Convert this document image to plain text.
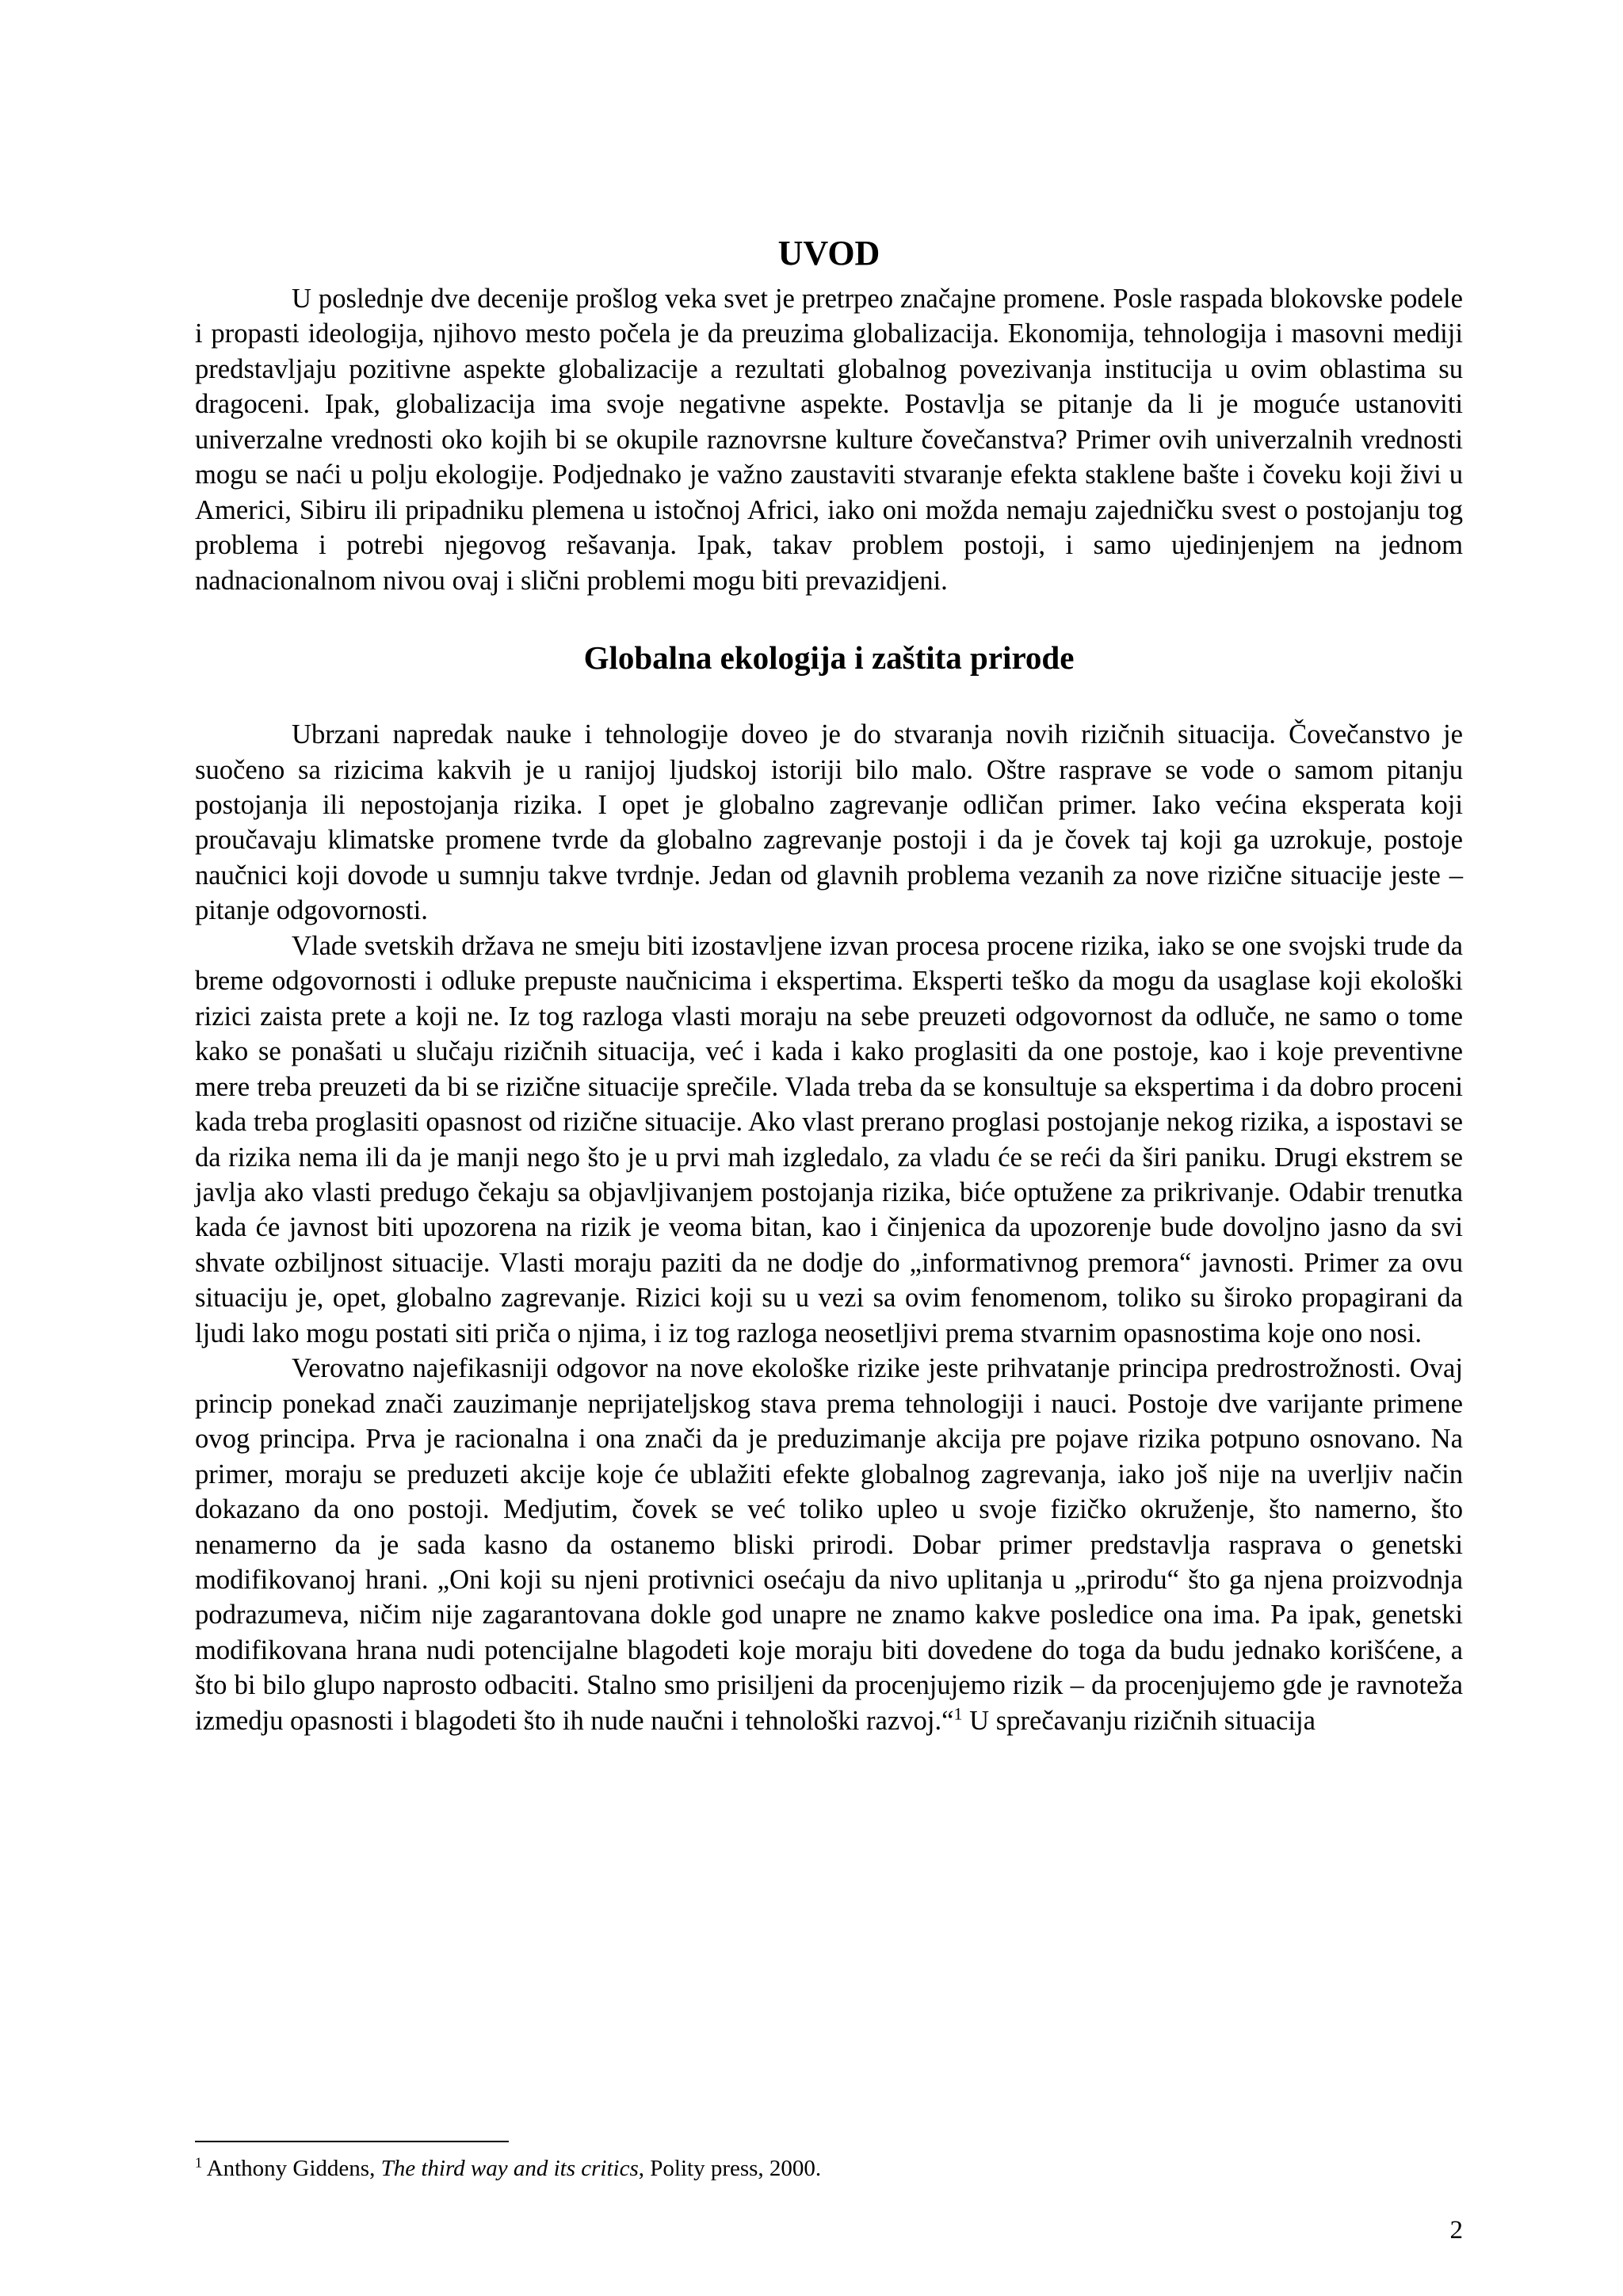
UVOD

U poslednje dve decenije prošlog veka svet je pretrpeo značajne promene. Posle raspada blokovske podele i propasti ideologija, njihovo mesto počela je da preuzima globalizacija. Ekonomija, tehnologija i masovni mediji predstavljaju pozitivne aspekte globalizacije a rezultati globalnog povezivanja institucija u ovim oblastima su dragoceni. Ipak, globalizacija ima svoje negativne aspekte. Postavlja se pitanje da li je moguće ustanoviti univerzalne vrednosti oko kojih bi se okupile raznovrsne kulture čovečanstva? Primer ovih univerzalnih vrednosti mogu se naći u polju ekologije. Podjednako je važno zaustaviti stvaranje efekta staklene bašte i čoveku koji živi u Americi, Sibiru ili pripadniku plemena u istočnoj Africi, iako oni možda nemaju zajedničku svest o postojanju tog problema i potrebi njegovog rešavanja. Ipak, takav problem postoji, i samo ujedinjenjem na jednom nadnacionalnom nivou ovaj i slični problemi mogu biti prevazidjeni.

Globalna ekologija i zaštita prirode

Ubrzani napredak nauke i tehnologije doveo je do stvaranja novih rizičnih situacija. Čovečanstvo je suočeno sa rizicima kakvih je u ranijoj ljudskoj istoriji bilo malo. Oštre rasprave se vode o samom pitanju postojanja ili nepostojanja rizika. I opet je globalno zagrevanje odličan primer. Iako većina eksperata koji proučavaju klimatske promene tvrde da globalno zagrevanje postoji i da je čovek taj koji ga uzrokuje, postoje naučnici koji dovode u sumnju takve tvrdnje. Jedan od glavnih problema vezanih za nove rizične situacije jeste – pitanje odgovornosti.

Vlade svetskih država ne smeju biti izostavljene izvan procesa procene rizika, iako se one svojski trude da breme odgovornosti i odluke prepuste naučnicima i ekspertima. Eksperti teško da mogu da usaglase koji ekološki rizici zaista prete a koji ne. Iz tog razloga vlasti moraju na sebe preuzeti odgovornost da odluče, ne samo o tome kako se ponašati u slučaju rizičnih situacija, već i kada i kako proglasiti da one postoje, kao i koje preventivne mere treba preuzeti da bi se rizične situacije sprečile. Vlada treba da se konsultuje sa ekspertima i da dobro proceni kada treba proglasiti opasnost od rizične situacije. Ako vlast prerano proglasi postojanje nekog rizika, a ispostavi se da rizika nema ili da je manji nego što je u prvi mah izgledalo, za vladu će se reći da širi paniku. Drugi ekstrem se javlja ako vlasti predugo čekaju sa objavljivanjem postojanja rizika, biće optužene za prikrivanje. Odabir trenutka kada će javnost biti upozorena na rizik je veoma bitan, kao i činjenica da upozorenje bude dovoljno jasno da svi shvate ozbiljnost situacije. Vlasti moraju paziti da ne dodje do „informativnog premora“ javnosti. Primer za ovu situaciju je, opet, globalno zagrevanje. Rizici koji su u vezi sa ovim fenomenom, toliko su široko propagirani da ljudi lako mogu postati siti priča o njima, i iz tog razloga neosetljivi prema stvarnim opasnostima koje ono nosi.

Verovatno najefikasniji odgovor na nove ekološke rizike jeste prihvatanje principa predrostrožnosti. Ovaj princip ponekad znači zauzimanje neprijateljskog stava prema tehnologiji i nauci. Postoje dve varijante primene ovog principa. Prva je racionalna i ona znači da je preduzimanje akcija pre pojave rizika potpuno osnovano. Na primer, moraju se preduzeti akcije koje će ublažiti efekte globalnog zagrevanja, iako još nije na uverljiv način dokazano da ono postoji. Medjutim, čovek se već toliko upleo u svoje fizičko okruženje, što namerno, što nenamerno da je sada kasno da ostanemo bliski prirodi. Dobar primer predstavlja rasprava o genetski modifikovanoj hrani. „Oni koji su njeni protivnici osećaju da nivo uplitanja u „prirodu“ što ga njena proizvodnja podrazumeva, ničim nije zagarantovana dokle god unapre ne znamo kakve posledice ona ima. Pa ipak, genetski modifikovana hrana nudi potencijalne blagodeti koje moraju biti dovedene do toga da budu jednako korišćene, a što bi bilo glupo naprosto odbaciti. Stalno smo prisiljeni da procenjujemo rizik – da procenjujemo gde je ravnoteža izmedju opasnosti i blagodeti što ih nude naučni i tehnološki razvoj.“$^1$ U sprečavanju rizičnih situacija

$^1$ Anthony Giddens, The third way and its critics, Polity press, 2000.

2
